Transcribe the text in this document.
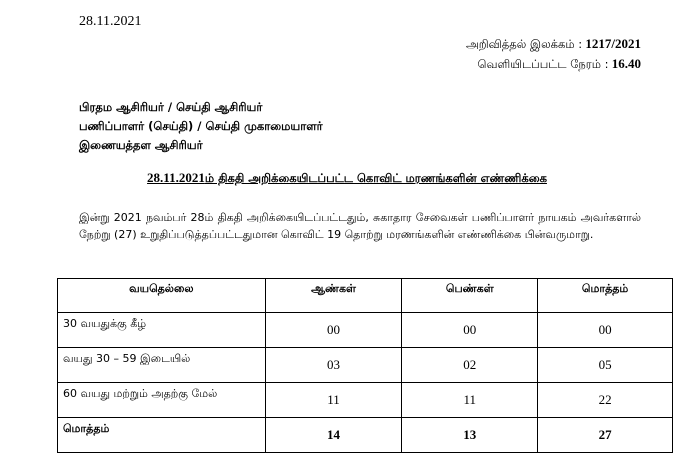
28.11.2021
அறிவித்தல் இலக்கம் : 1217/2021
வெளியிடப்பட்ட நேரம் : 16.40
பிரதம ஆசிரியர் / செய்தி ஆசிரியர்
பணிப்பாளர் (செய்தி) / செய்தி முகாமையாளர்
இணையத்தள ஆசிரியர்
28.11.2021ம் திகதி அறிக்கையிடப்பட்ட கொவிட் மரணங்களின் எண்ணிக்கை
இன்று 2021 நவம்பர் 28ம் திகதி அறிக்கையிடப்பட்டதும், சுகாதார சேவைகள் பணிப்பாளர் நாயகம் அவர்களால் நேற்று (27) உறுதிப்படுத்தப்பட்டதுமான கொவிட் 19 தொற்று மரணங்களின் எண்ணிக்கை பின்வருமாறு.
வயதெல்லை	ஆண்கள்	பெண்கள்	மொத்தம்
30 வயதுக்கு கீழ்	00	00	00
வயது 30 – 59 இடையில்	03	02	05
60 வயது மற்றும் அதற்கு மேல்	11	11	22
மொத்தம்	14	13	27
